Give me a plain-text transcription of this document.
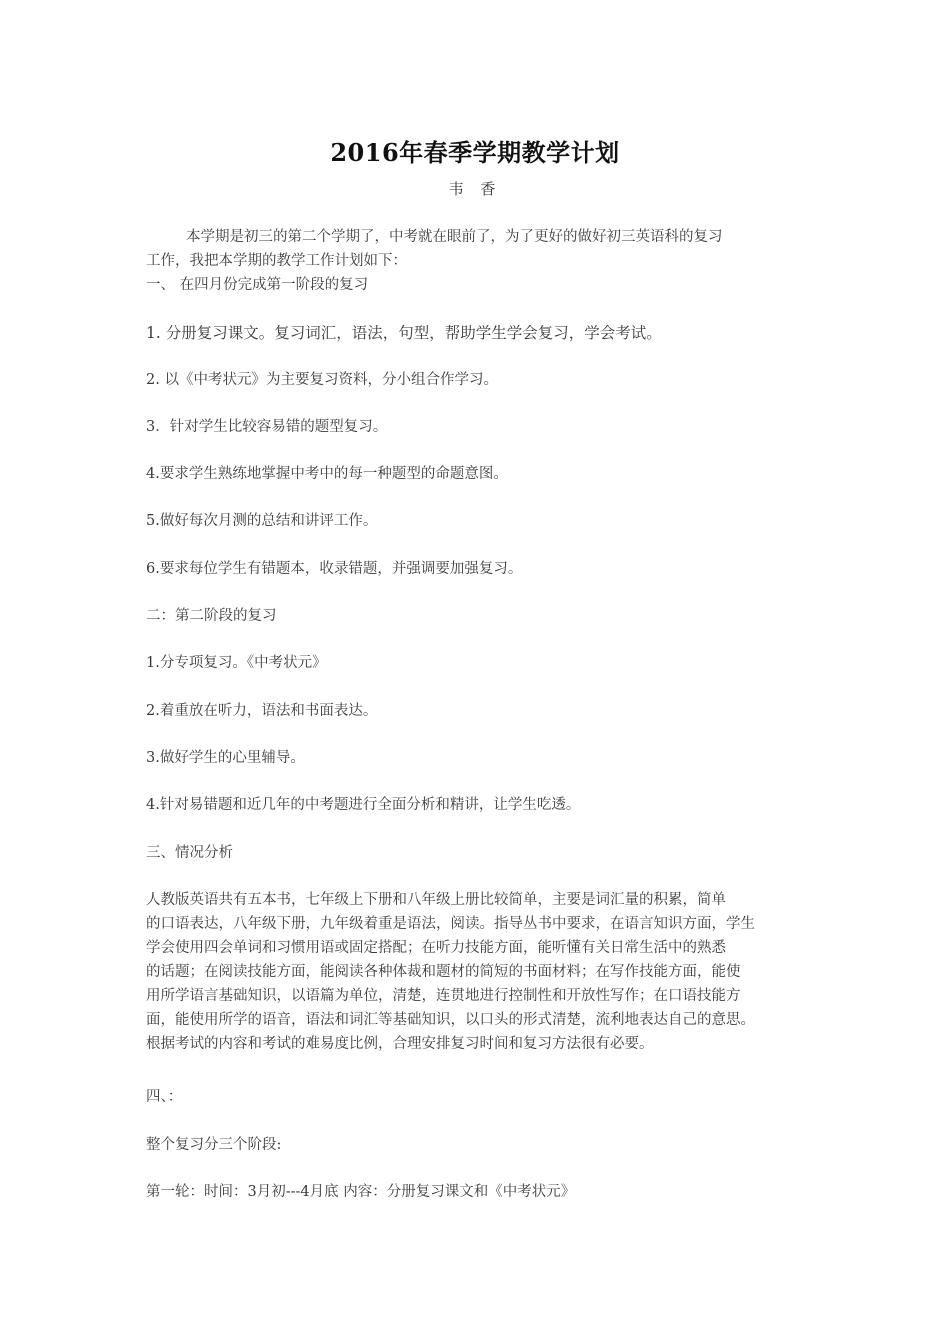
2016年春季学期教学计划
韦 香
本学期是初三的第二个学期了，中考就在眼前了，为了更好的做好初三英语科的复习
工作，我把本学期的教学工作计划如下：
一、 在四月份完成第一阶段的复习
1. 分册复习课文。复习词汇，语法，句型，帮助学生学会复习，学会考试。
2. 以《中考状元》为主要复习资料，分小组合作学习。
3．针对学生比较容易错的题型复习。
4.要求学生熟练地掌握中考中的每一种题型的命题意图。
5.做好每次月测的总结和讲评工作。
6.要求每位学生有错题本，收录错题，并强调要加强复习。
二：第二阶段的复习
1.分专项复习。《中考状元》
2.着重放在听力，语法和书面表达。
3.做好学生的心里辅导。
4.针对易错题和近几年的中考题进行全面分析和精讲，让学生吃透。
三、情况分析
人教版英语共有五本书，七年级上下册和八年级上册比较简单，主要是词汇量的积累，简单
的口语表达，八年级下册，九年级着重是语法，阅读。指导丛书中要求，在语言知识方面，学生
学会使用四会单词和习惯用语或固定搭配；在听力技能方面，能听懂有关日常生活中的熟悉
的话题；在阅读技能方面，能阅读各种体裁和题材的简短的书面材料；在写作技能方面，能使
用所学语言基础知识，以语篇为单位，清楚，连贯地进行控制性和开放性写作；在口语技能方
面，能使用所学的语音，语法和词汇等基础知识，以口头的形式清楚，流利地表达自己的意思。
根据考试的内容和考试的难易度比例，合理安排复习时间和复习方法很有必要。
四、：
整个复习分三个阶段:
第一轮：时间：3月初---4月底 内容：分册复习课文和《中考状元》
